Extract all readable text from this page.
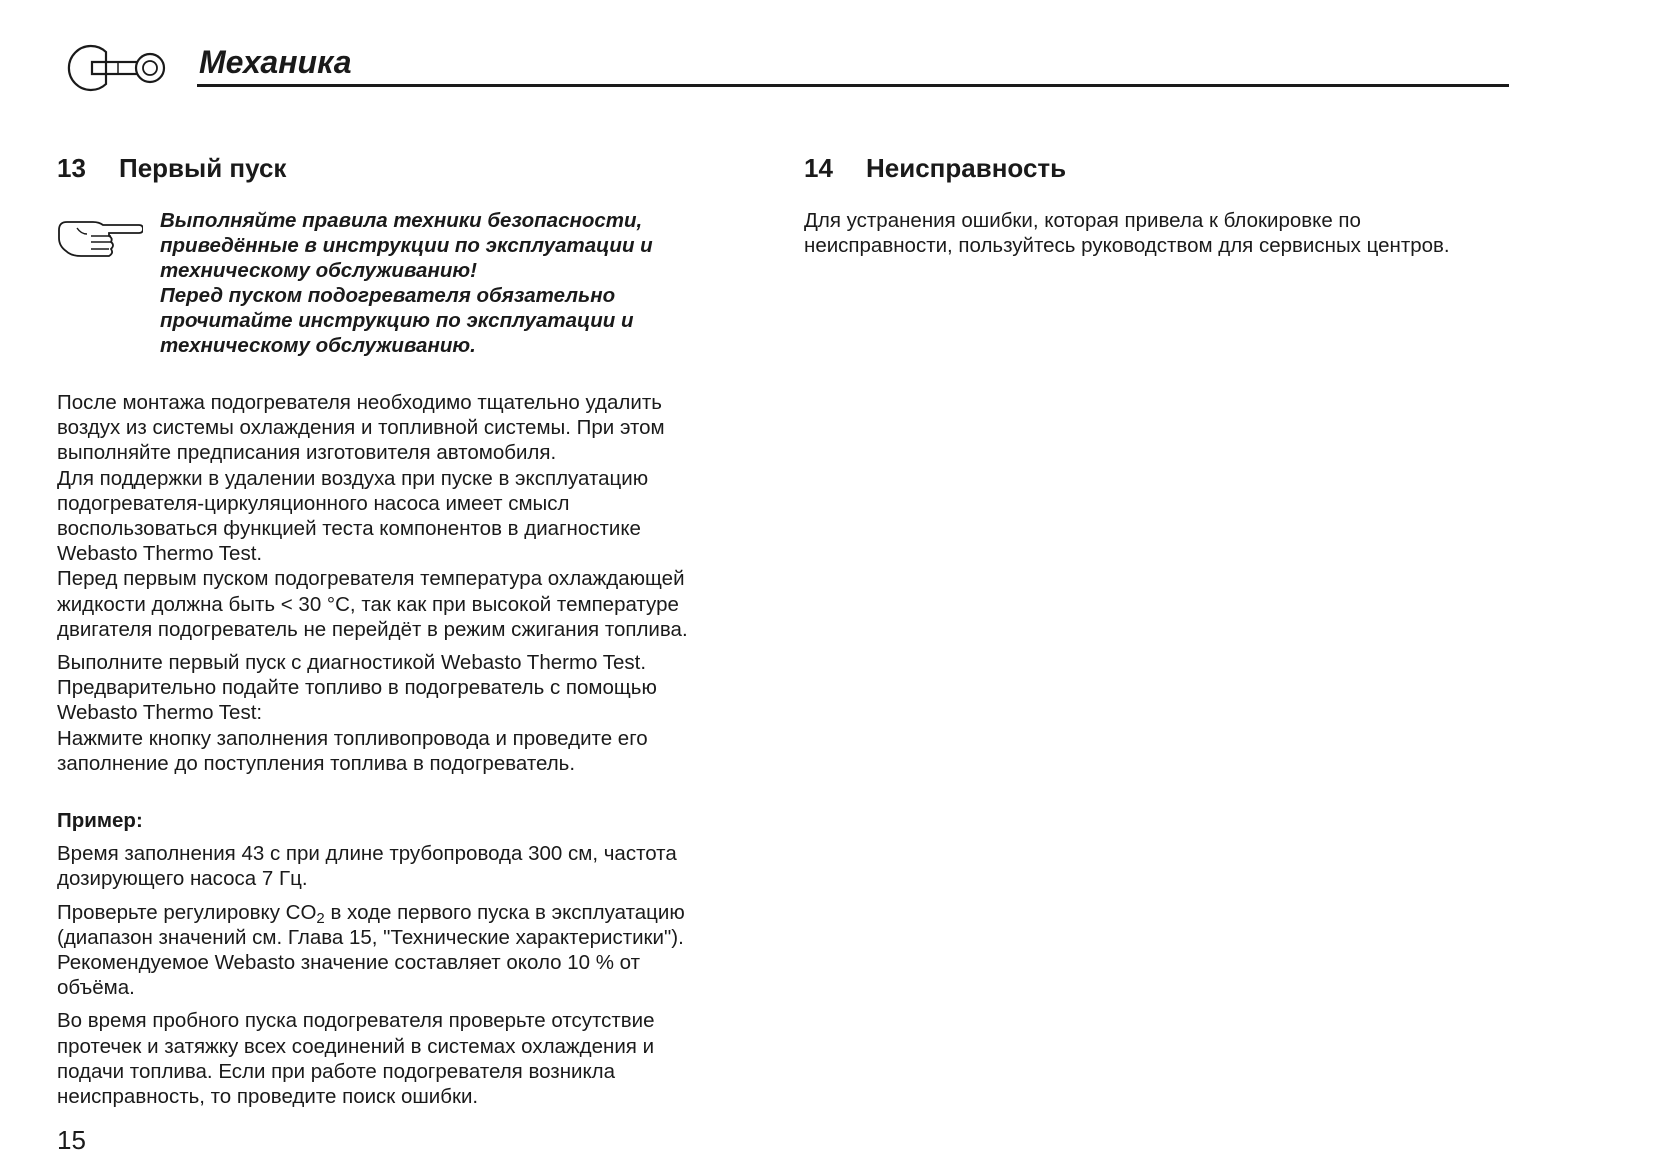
Механика
13 Первый пуск
Выполняйте правила техники безопасности,
приведённые в инструкции по эксплуатации и
техническому обслуживанию!
Перед пуском подогревателя обязательно
прочитайте инструкцию по эксплуатации и
техническому обслуживанию.

После монтажа подогревателя необходимо тщательно удалить
воздух из системы охлаждения и топливной системы. При этом
выполняйте предписания изготовителя автомобиля.
Для поддержки в удалении воздуха при пуске в эксплуатацию
подогревателя-циркуляционного насоса имеет смысл
воспользоваться функцией теста компонентов в диагностике
Webasto Thermo Test.
Перед первым пуском подогревателя температура охлаждающей
жидкости должна быть < 30 °C, так как при высокой температуре
двигателя подогреватель не перейдёт в режим сжигания топлива.

Выполните первый пуск с диагностикой Webasto Thermo Test.
Предварительно подайте топливо в подогреватель с помощью
Webasto Thermo Test:
Нажмите кнопку заполнения топливопровода и проведите его
заполнение до поступления топлива в подогреватель.

Пример:

Время заполнения 43 с при длине трубопровода 300 см, частота
дозирующего насоса 7 Гц.

Проверьте регулировку $CO_2$ в ходе первого пуска в эксплуатацию
(диапазон значений см. Глава 15, "Технические характеристики").
Рекомендуемое Webasto значение составляет около 10 % от
объёма.

Во время пробного пуска подогревателя проверьте отсутствие
протечек и затяжку всех соединений в системах охлаждения и
подачи топлива. Если при работе подогревателя возникла
неисправность, то проведите поиск ошибки.

14 Неисправность

Для устранения ошибки, которая привела к блокировке по
неисправности, пользуйтесь руководством для сервисных центров.

15
